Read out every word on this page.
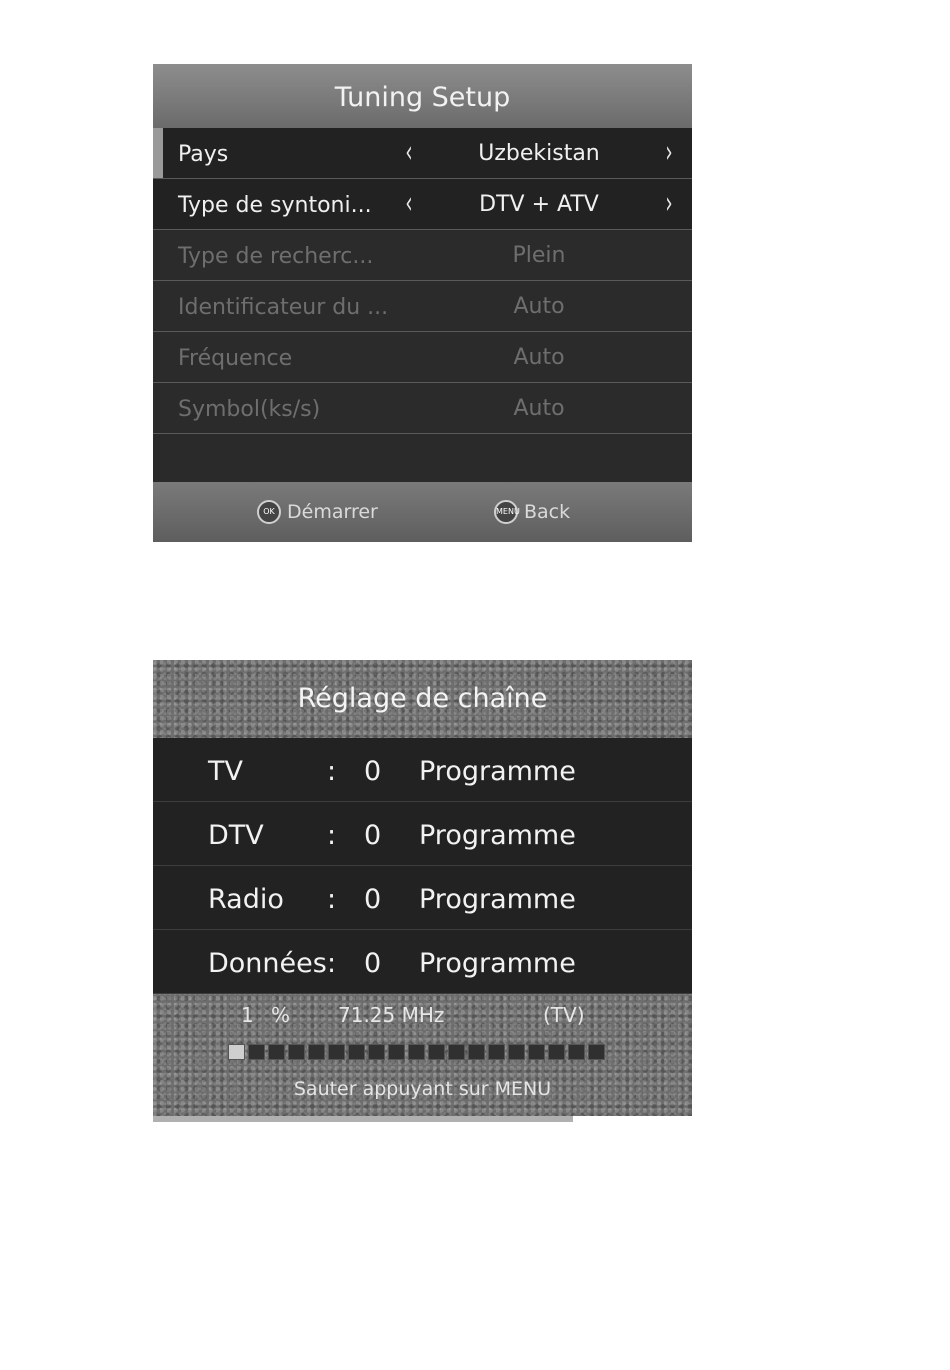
Tuning Setup
Pays	‹	Uzbekistan	›
Type de syntoni... ‹	DTV + ATV	›
Type de recherc...	Plein
Identificateur du ...	Auto
Fréquence	Auto
Symbol(ks/s)	Auto
OK Démarrer	MENU Back
Réglage de chaîne
TV	: 0 Programme
DTV : 0 Programme
Radio : 0 Programme
Données : 0 Programme
1 % 71.25 MHz	(TV)
Sauter appuyant sur MENU
